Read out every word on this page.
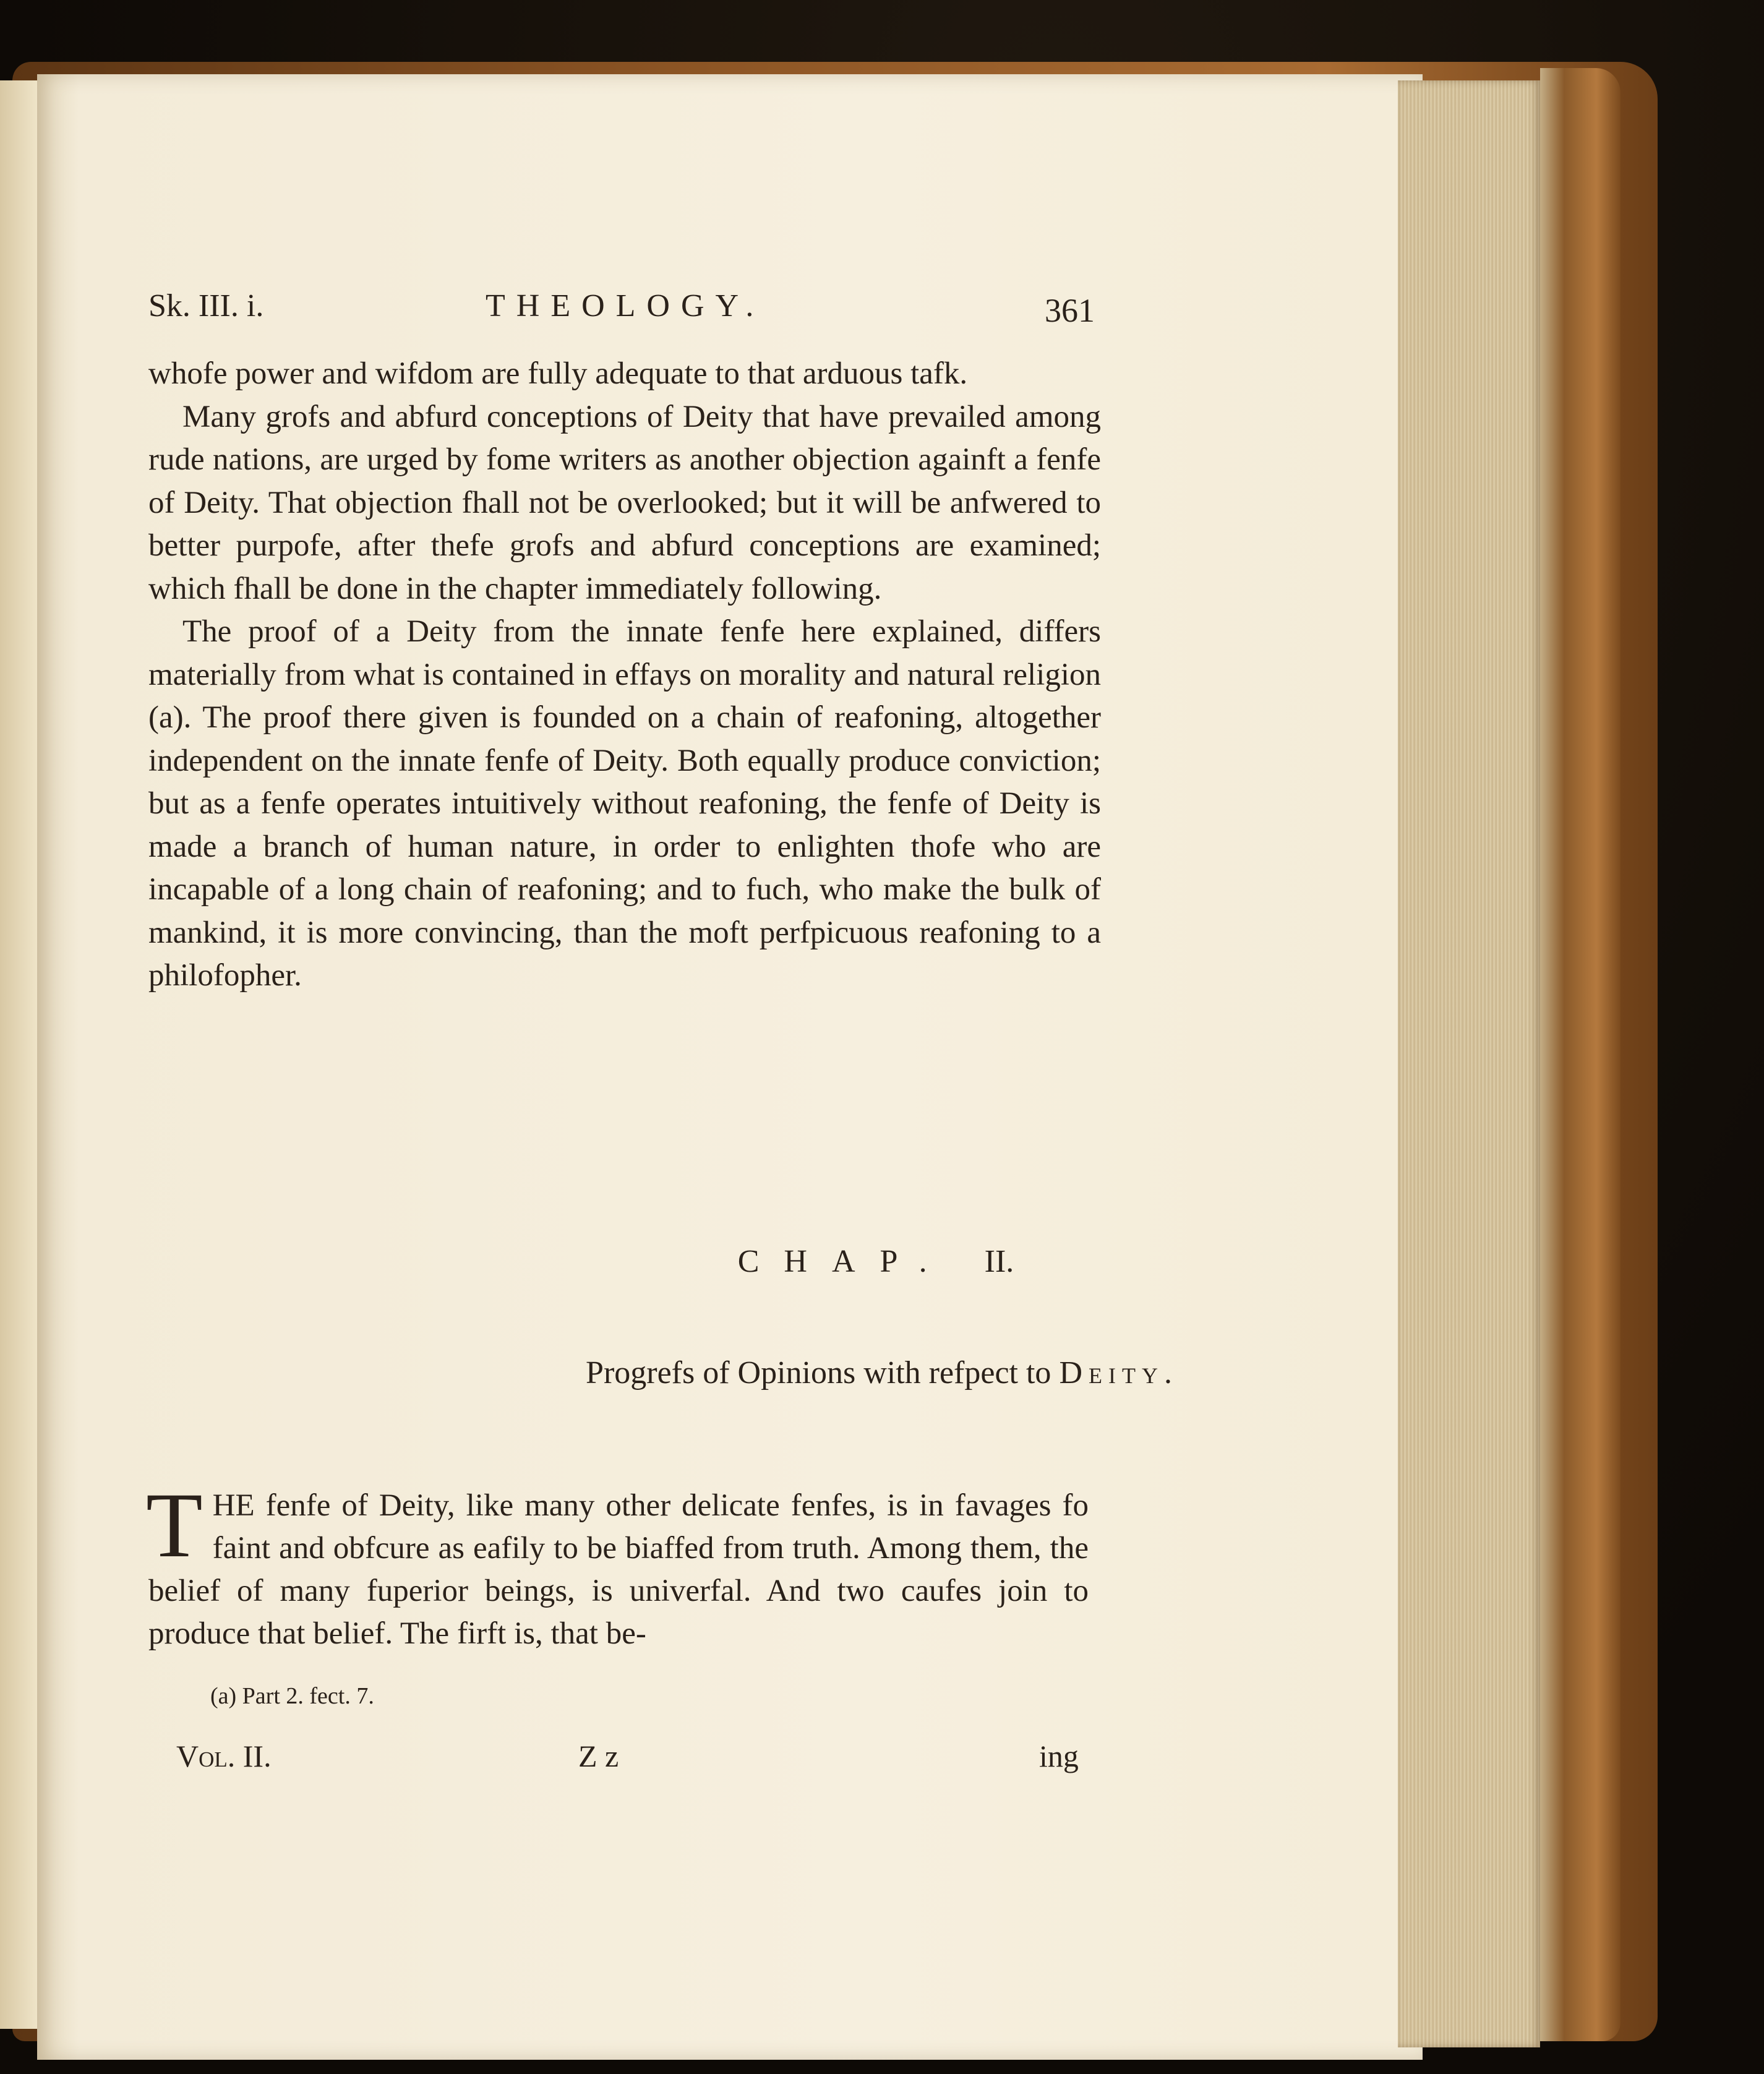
Sk. III. i.	THEOLOGY.	361

whofe power and wifdom are fully adequate to that arduous tafk.

Many grofs and abfurd conceptions of Deity that have prevailed among rude nations, are urged by fome writers as another objection againft a fenfe of Deity. That objection fhall not be overlooked; but it will be anfwered to better purpofe, after thefe grofs and abfurd conceptions are examined; which fhall be done in the chapter immediately following.

The proof of a Deity from the innate fenfe here explained, differs materially from what is contained in effays on morality and natural religion (a). The proof there given is founded on a chain of reafoning, altogether independent on the innate fenfe of Deity. Both equally produce conviction; but as a fenfe operates intuitively without reafoning, the fenfe of Deity is made a branch of human nature, in order to enlighten thofe who are incapable of a long chain of reafoning; and to fuch, who make the bulk of mankind, it is more convincing, than the moft perfpicuous reafoning to a philofopher.

CHAP. II.
Progrefs of Opinions with refpect to Deity.
T HE fenfe of Deity, like many other delicate fenfes, is in favages fo faint and obfcure as eafily to be biaffed from truth. Among them, the belief of many fuperior beings, is univerfal. And two caufes join to produce that belief. The firft is, that be-
(a) Part 2. fect. 7.
Vol. II.	Z z	ing
